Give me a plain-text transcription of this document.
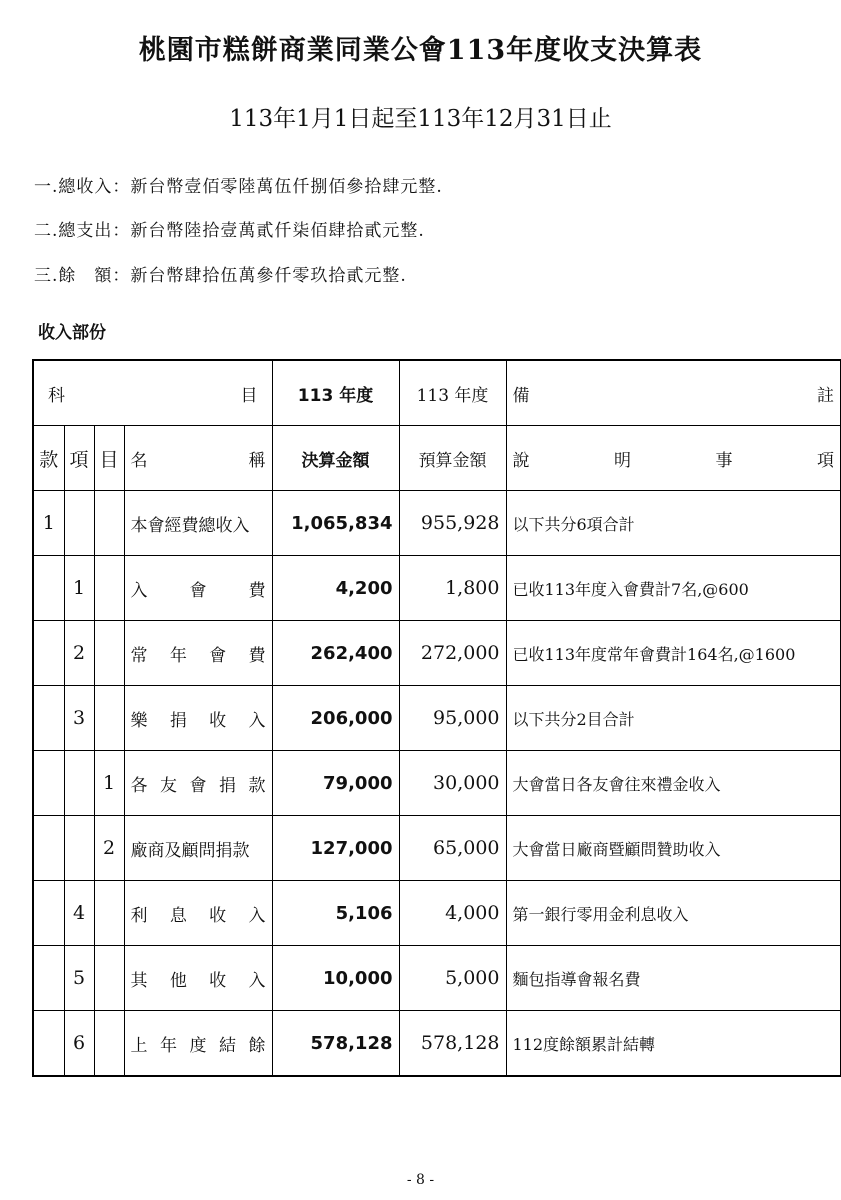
桃園市糕餅商業同業公會113年度收支決算表
113年1月1日起至113年12月31日止
一.總收入：新台幣壹佰零陸萬伍仟捌佰參拾肆元整.
二.總支出：新台幣陸拾壹萬貳仟柒佰肆拾貳元整.
三.餘　額：新台幣肆拾伍萬參仟零玖拾貳元整.
收入部份
科 目				113 年度	113 年度	備 註

款	項	目	名 稱	決算金額	預算金額	說 明 事 項

1			本會經費總收入	1,065,834	955,928	以下共分6項合計
	1		入 會 費	4,200	1,800	已收113年度入會費計7名,@600
	2		常 年 會 費	262,400	272,000	已收113年度常年會費計164名,@1600
	3		樂 捐 收 入	206,000	95,000	以下共分2目合計
		1	各 友 會 捐 款	79,000	30,000	大會當日各友會往來禮金收入
		2	廠商及顧問捐款	127,000	65,000	大會當日廠商暨顧問贊助收入
	4		利 息 收 入	5,106	4,000	第一銀行零用金利息收入
	5		其 他 收 入	10,000	5,000	麵包指導會報名費
	6		上 年 度 結 餘	578,128	578,128	112度餘額累計結轉
- 8 -
